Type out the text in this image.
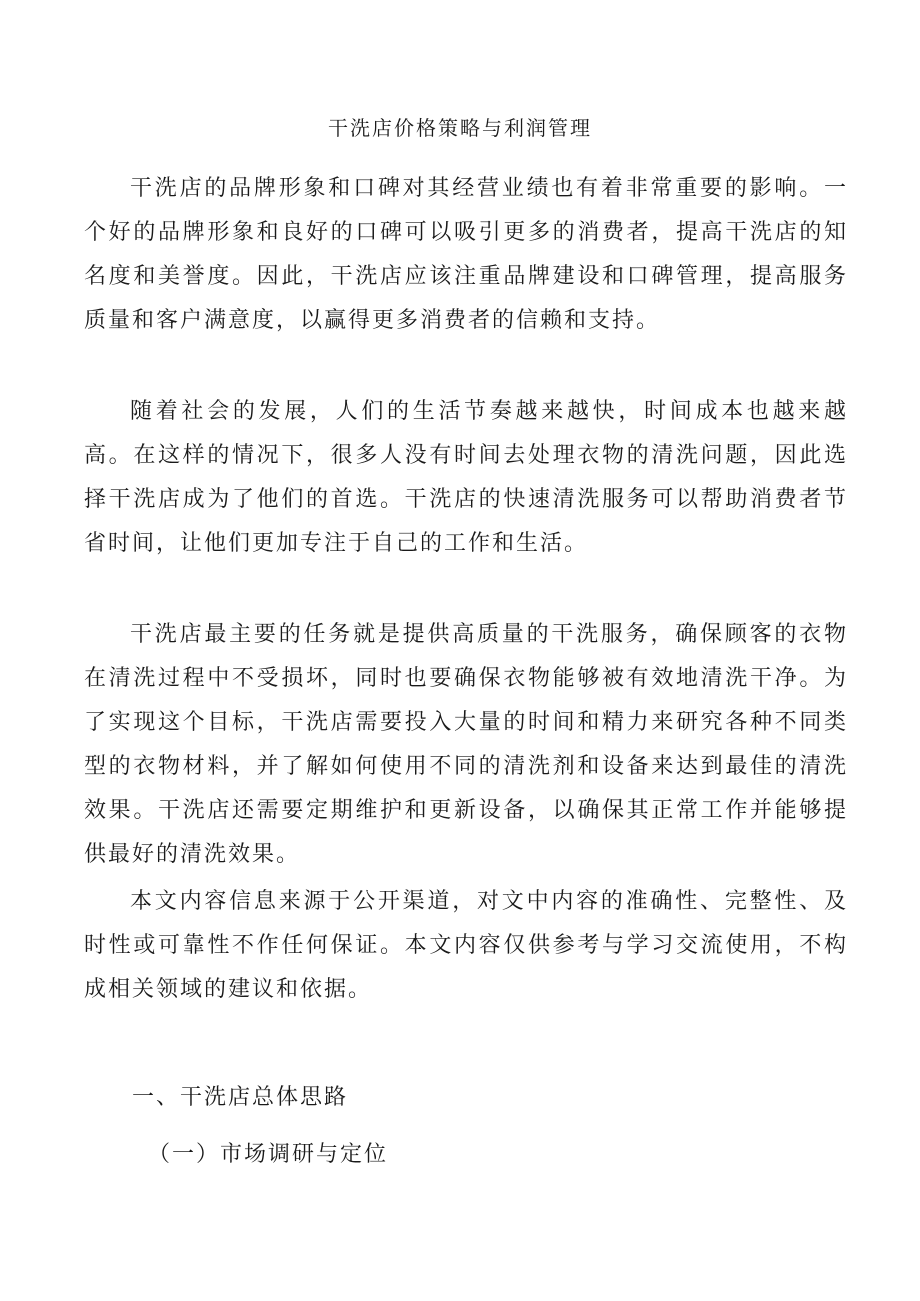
干洗店价格策略与利润管理

干洗店的品牌形象和口碑对其经营业绩也有着非常重要的影响。一个好的品牌形象和良好的口碑可以吸引更多的消费者，提高干洗店的知名度和美誉度。因此，干洗店应该注重品牌建设和口碑管理，提高服务质量和客户满意度，以赢得更多消费者的信赖和支持。

随着社会的发展，人们的生活节奏越来越快，时间成本也越来越高。在这样的情况下，很多人没有时间去处理衣物的清洗问题，因此选择干洗店成为了他们的首选。干洗店的快速清洗服务可以帮助消费者节省时间，让他们更加专注于自己的工作和生活。

干洗店最主要的任务就是提供高质量的干洗服务，确保顾客的衣物在清洗过程中不受损坏，同时也要确保衣物能够被有效地清洗干净。为了实现这个目标，干洗店需要投入大量的时间和精力来研究各种不同类型的衣物材料，并了解如何使用不同的清洗剂和设备来达到最佳的清洗效果。干洗店还需要定期维护和更新设备，以确保其正常工作并能够提供最好的清洗效果。

本文内容信息来源于公开渠道，对文中内容的准确性、完整性、及时性或可靠性不作任何保证。本文内容仅供参考与学习交流使用，不构成相关领域的建议和依据。

一、干洗店总体思路
（一）市场调研与定位
